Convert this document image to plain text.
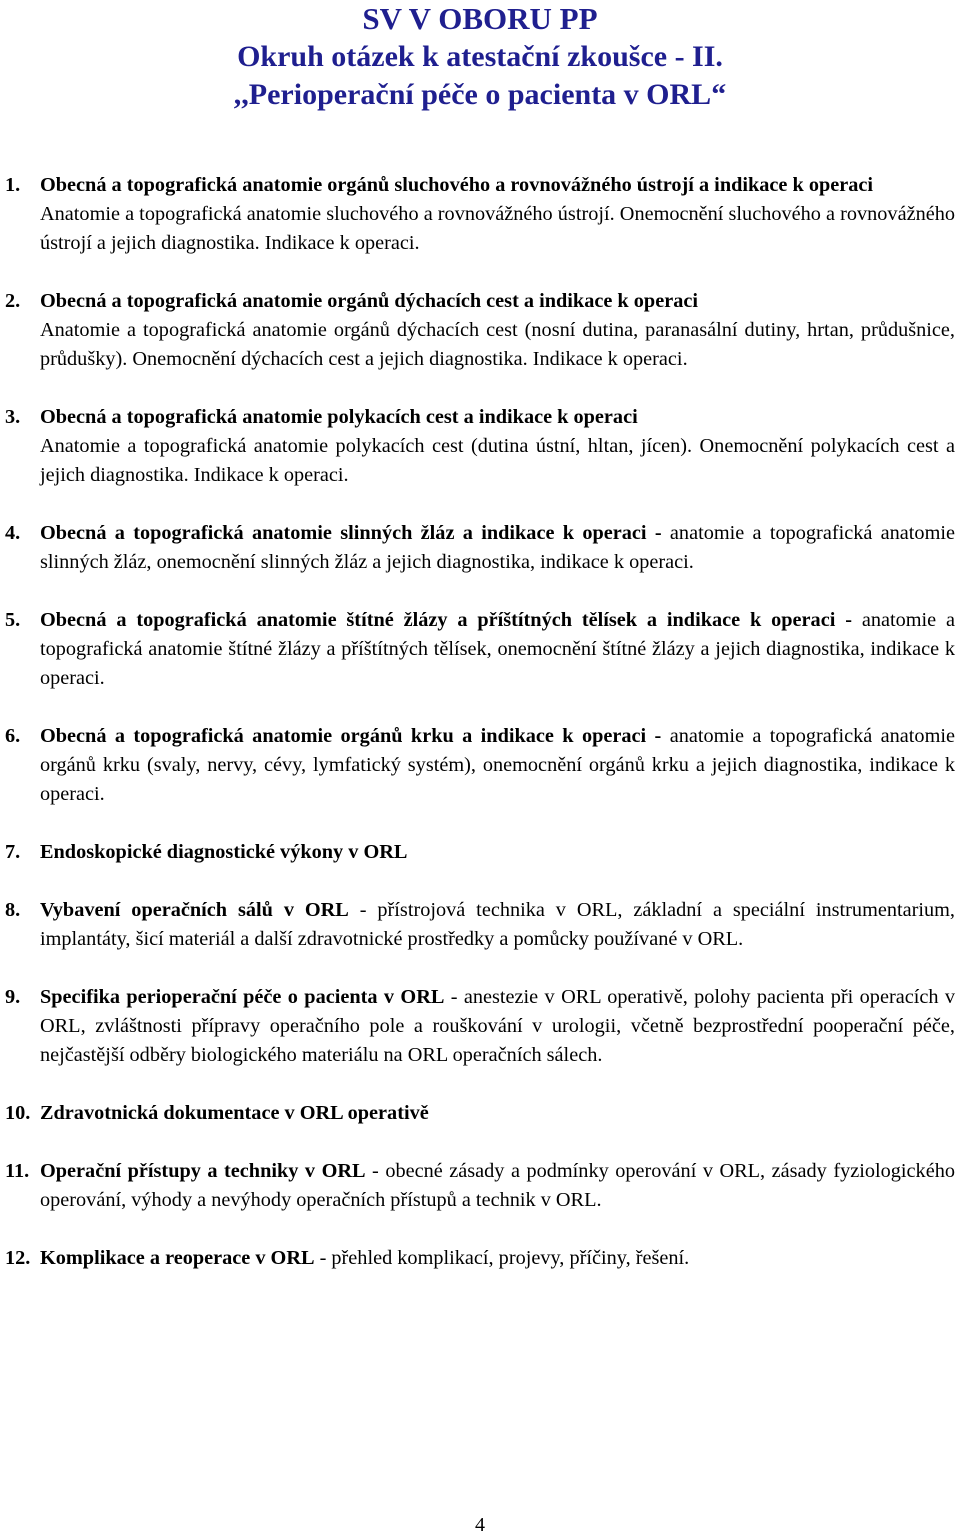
SV V OBORU PP
Okruh otázek k atestační zkoušce - II.
,,Perioperační péče o pacienta v ORL“
1. Obecná a topografická anatomie orgánů sluchového a rovnovážného ústrojí a indikace k operaci
Anatomie a topografická anatomie sluchového a rovnovážného ústrojí. Onemocnění sluchového a rovnovážného ústrojí a jejich diagnostika. Indikace k operaci.
2. Obecná a topografická anatomie orgánů dýchacích cest a indikace k operaci
Anatomie a topografická anatomie orgánů dýchacích cest (nosní dutina, paranasální dutiny, hrtan, průdušnice, průdušky). Onemocnění dýchacích cest a jejich diagnostika. Indikace k operaci.
3. Obecná a topografická anatomie polykacích cest a indikace k operaci
Anatomie a topografická anatomie polykacích cest (dutina ústní, hltan, jícen). Onemocnění polykacích cest a jejich diagnostika. Indikace k operaci.
4. Obecná a topografická anatomie slinných žláz a indikace k operaci - anatomie a topografická anatomie slinných žláz, onemocnění slinných žláz a jejich diagnostika, indikace k operaci.
5. Obecná a topografická anatomie štítné žlázy a příštítných tělísek a indikace k operaci - anatomie a topografická anatomie štítné žlázy a příštítných tělísek, onemocnění štítné žlázy a jejich diagnostika, indikace k operaci.
6. Obecná a topografická anatomie orgánů krku a indikace k operaci - anatomie a topografická anatomie orgánů krku (svaly, nervy, cévy, lymfatický systém), onemocnění orgánů krku a jejich diagnostika, indikace k operaci.
7. Endoskopické diagnostické výkony v ORL
8. Vybavení operačních sálů v ORL - přístrojová technika v ORL, základní a speciální instrumentarium, implantáty, šicí materiál a další zdravotnické prostředky a pomůcky používané v ORL.
9. Specifika perioperační péče o pacienta v ORL - anestezie v ORL operativě, polohy pacienta při operacích v ORL, zvláštnosti přípravy operačního pole a rouškování v urologii, včetně bezprostřední pooperační péče, nejčastější odběry biologického materiálu na ORL operačních sálech.
10. Zdravotnická dokumentace v ORL operativě
11. Operační přístupy a techniky v ORL - obecné zásady a podmínky operování v ORL, zásady fyziologického operování, výhody a nevýhody operačních přístupů a technik v ORL.
12. Komplikace a reoperace v ORL - přehled komplikací, projevy, příčiny, řešení.
4
